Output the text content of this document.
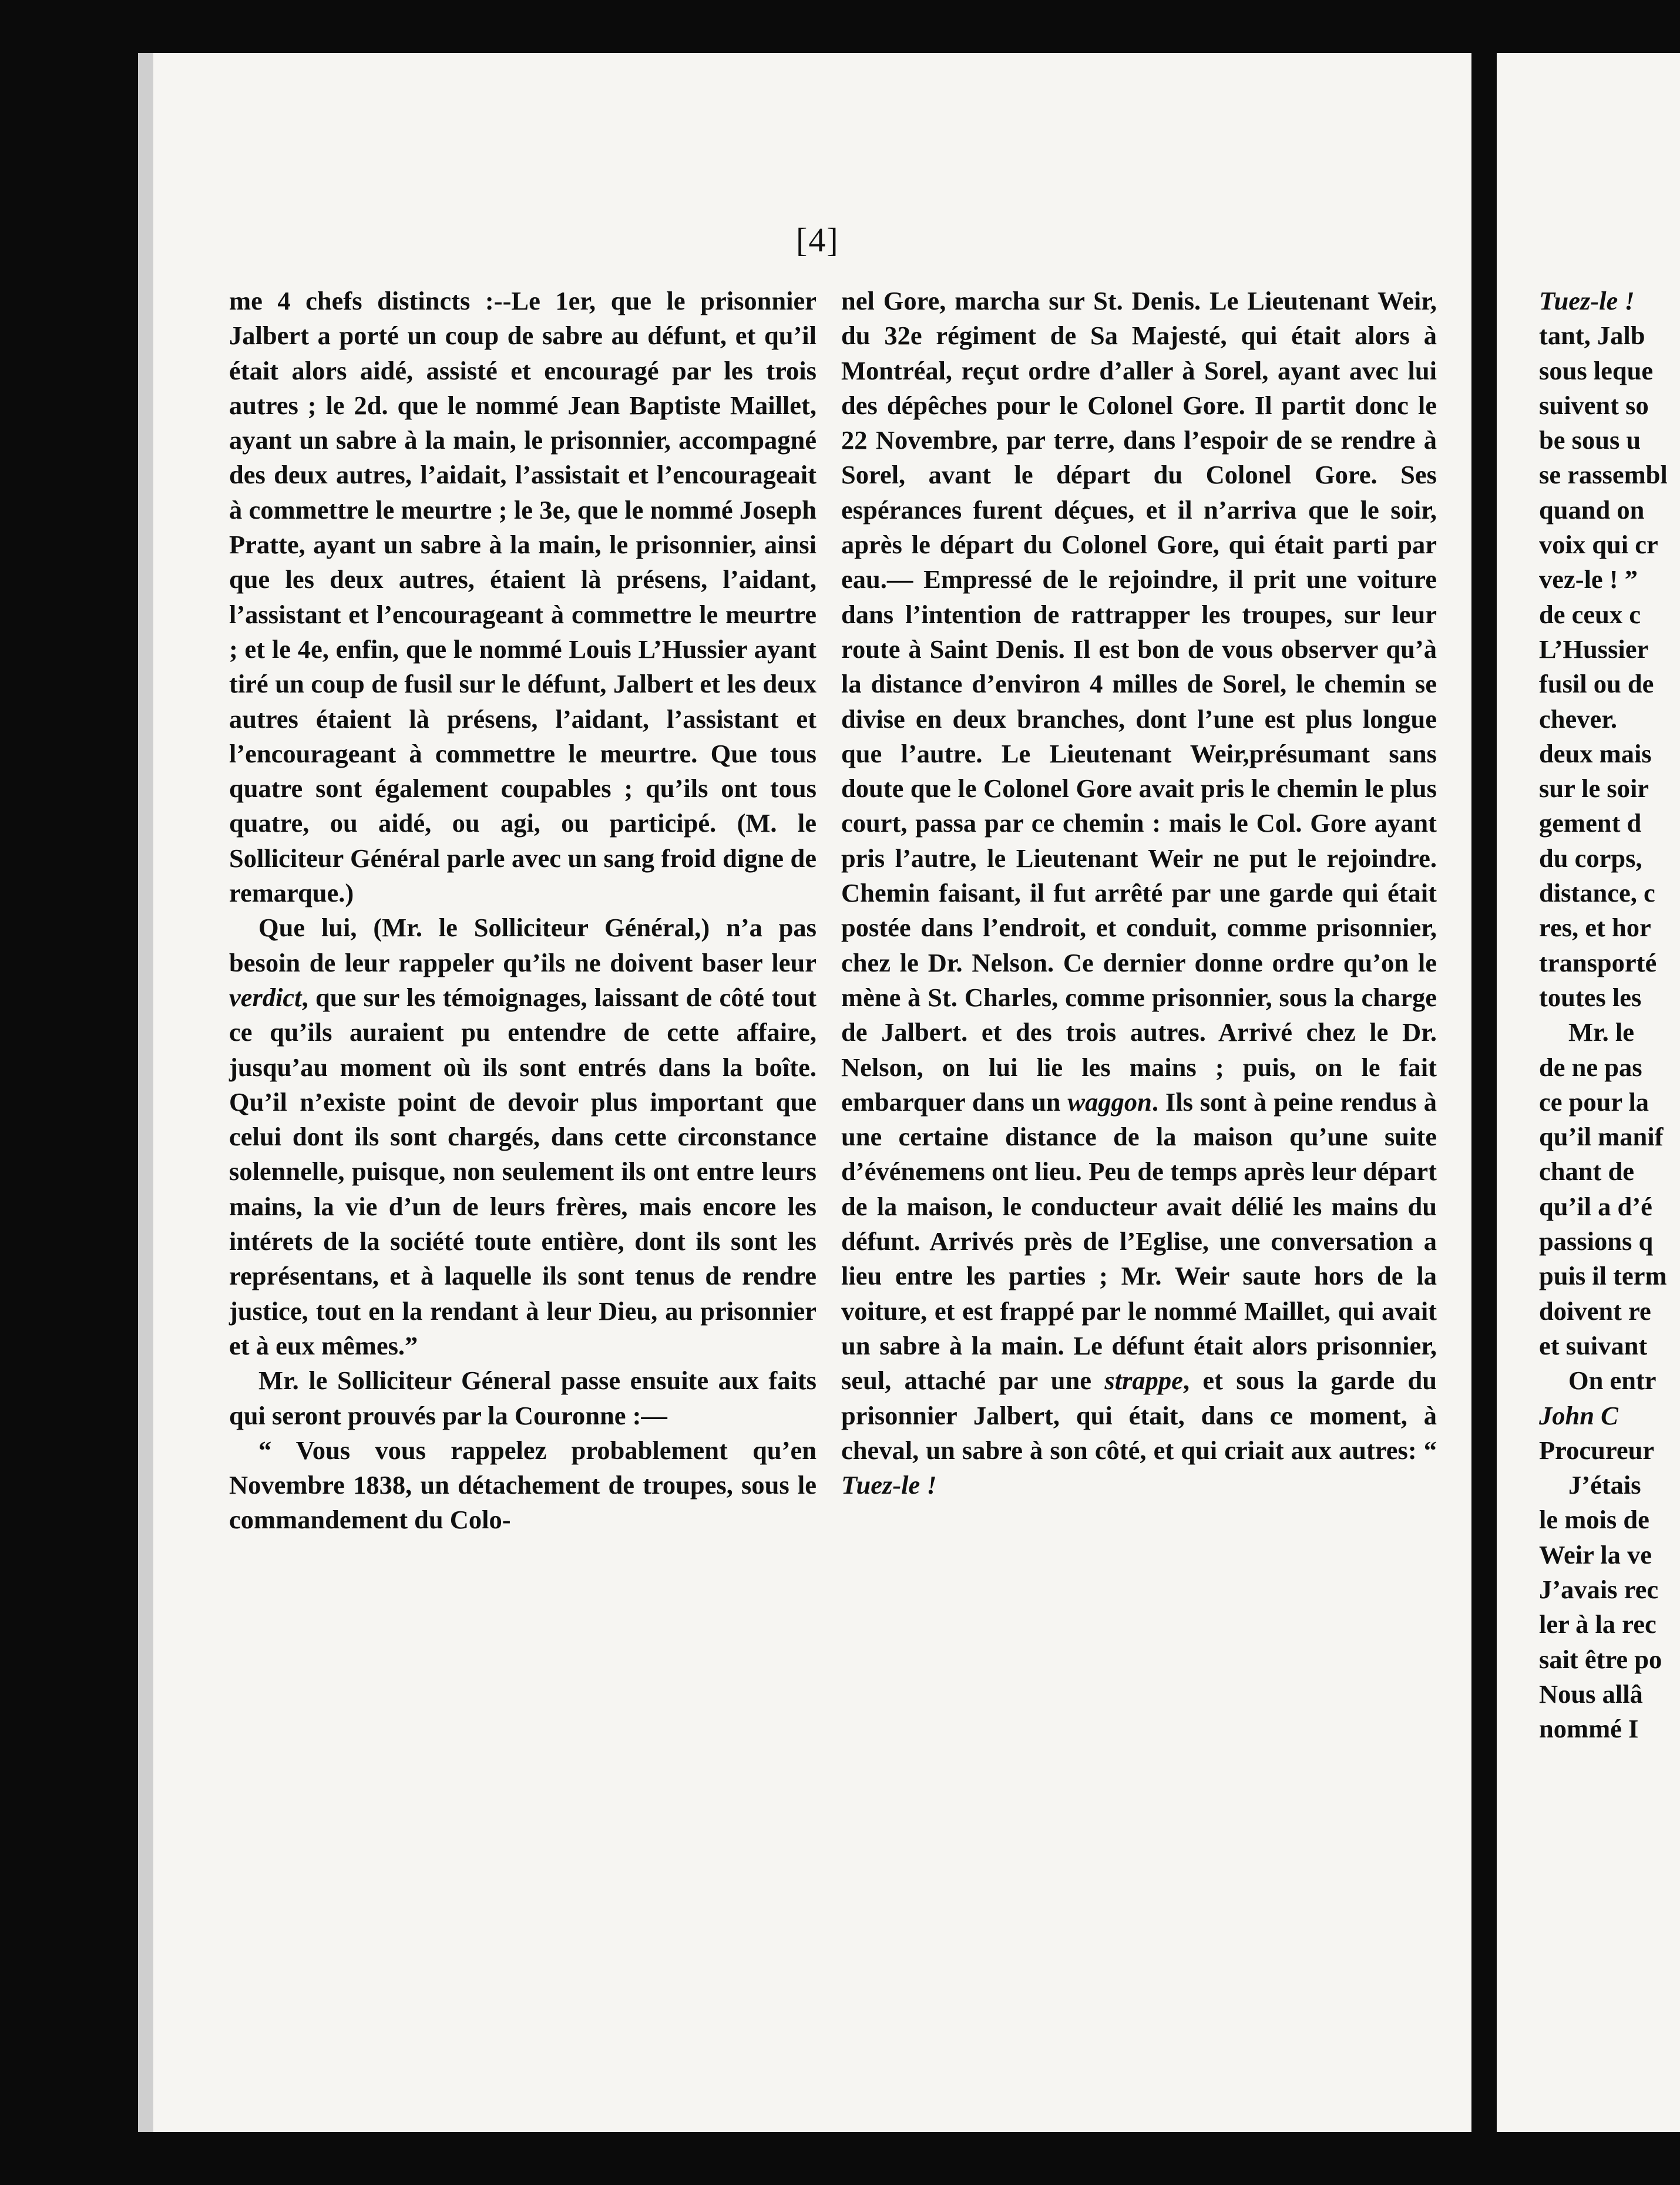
[4]

me 4 chefs distincts :--Le 1er, que le prisonnier Jalbert a porté un coup de sabre au défunt, et qu’il était alors aidé, assisté et encouragé par les trois autres ; le 2d. que le nommé Jean Baptiste Maillet, ayant un sabre à la main, le prisonnier, accompagné des deux autres, l’aidait, l’assistait et l’encourageait à commettre le meurtre ; le 3e, que le nommé Joseph Pratte, ayant un sabre à la main, le prisonnier, ainsi que les deux autres, étaient là présens, l’aidant, l’assistant et l’encourageant à commettre le meurtre ; et le 4e, enfin, que le nommé Louis L’Hussier ayant tiré un coup de fusil sur le défunt, Jalbert et les deux autres étaient là présens, l’aidant, l’assistant et l’encourageant à commettre le meurtre. Que tous quatre sont également coupables ; qu’ils ont tous quatre, ou aidé, ou agi, ou participé. (M. le Solliciteur Général parle avec un sang froid digne de remarque.)

Que lui, (Mr. le Solliciteur Général,) n’a pas besoin de leur rappeler qu’ils ne doivent baser leur verdict, que sur les témoignages, laissant de côté tout ce qu’ils auraient pu entendre de cette affaire, jusqu’au moment où ils sont entrés dans la boîte. Qu’il n’existe point de devoir plus important que celui dont ils sont chargés, dans cette circonstance solennelle, puisque, non seulement ils ont entre leurs mains, la vie d’un de leurs frères, mais encore les intérets de la société toute entière, dont ils sont les représentans, et à laquelle ils sont tenus de rendre justice, tout en la rendant à leur Dieu, au prisonnier et à eux mêmes.”

Mr. le Solliciteur Géneral passe ensuite aux faits qui seront prouvés par la Couronne :—

“ Vous vous rappelez probablement qu’en Novembre 1838, un détachement de troupes, sous le commandement du Colo-

nel Gore, marcha sur St. Denis. Le Lieutenant Weir, du 32e régiment de Sa Majesté, qui était alors à Montréal, reçut ordre d’aller à Sorel, ayant avec lui des dépêches pour le Colonel Gore. Il partit donc le 22 Novembre, par terre, dans l’espoir de se rendre à Sorel, avant le départ du Colonel Gore. Ses espérances furent déçues, et il n’arriva que le soir, après le départ du Colonel Gore, qui était parti par eau.— Empressé de le rejoindre, il prit une voiture dans l’intention de rattrapper les troupes, sur leur route à Saint Denis. Il est bon de vous observer qu’à la distance d’environ 4 milles de Sorel, le chemin se divise en deux branches, dont l’une est plus longue que l’autre. Le Lieutenant Weir,présumant sans doute que le Colonel Gore avait pris le chemin le plus court, passa par ce chemin : mais le Col. Gore ayant pris l’autre, le Lieutenant Weir ne put le rejoindre. Chemin faisant, il fut arrêté par une garde qui était postée dans l’endroit, et conduit, comme prisonnier, chez le Dr. Nelson. Ce dernier donne ordre qu’on le mène à St. Charles, comme prisonnier, sous la charge de Jalbert. et des trois autres. Arrivé chez le Dr. Nelson, on lui lie les mains ; puis, on le fait embarquer dans un waggon. Ils sont à peine rendus à une certaine distance de la maison qu’une suite d’événemens ont lieu. Peu de temps après leur départ de la maison, le conducteur avait délié les mains du défunt. Arrivés près de l’Eglise, une conversation a lieu entre les parties ; Mr. Weir saute hors de la voiture, et est frappé par le nommé Maillet, qui avait un sabre à la main. Le défunt était alors prisonnier, seul, attaché par une strappe, et sous la garde du prisonnier Jalbert, qui était, dans ce moment, à cheval, un sabre à son côté, et qui criait aux autres: “ Tuez-le !

Tuez-le !
tant, Jalb
sous leque
suivent so
be sous u
se rassembl
quand on
voix qui cr
vez-le ! ”
de ceux c
L’Hussier
fusil ou de
chever.
deux mais
sur le soir
gement d
du corps,
distance, c
res, et hor
transporté
toutes les
Mr. le
de ne pas
ce pour la
qu’il manif
chant de
qu’il a d’é
passions q
puis il term
doivent re
et suivant
On entr
John C
Procureur
J’étais
le mois de
Weir la ve
J’avais rec
ler à la rec
sait être po
Nous allâ
nommé I
